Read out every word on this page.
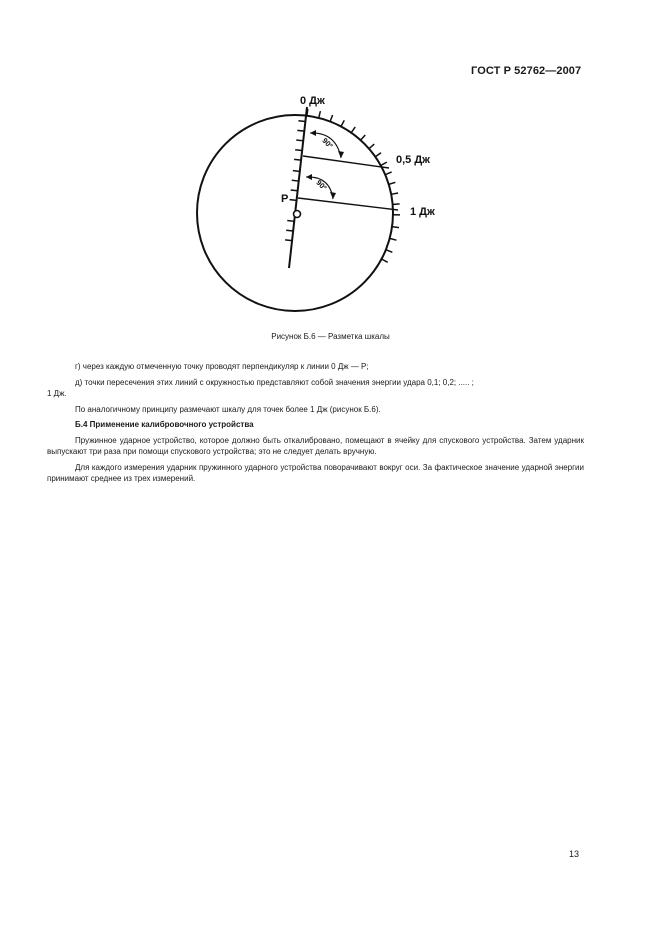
ГОСТ Р 52762—2007
0 Дж
0,5 Дж
1 Дж
P
90°
90°
Рисунок Б.6 — Разметка шкалы

г) через каждую отмеченную точку проводят перпендикуляр к линии 0 Дж — P;

д) точки пересечения этих линий с окружностью представляют собой значения энергии удара 0,1; 0,2; ..... ;

1 Дж.

По аналогичному принципу размечают шкалу для точек более 1 Дж (рисунок Б.6).

Б.4 Применение калибровочного устройства

Пружинное ударное устройство, которое должно быть откалибровано, помещают в ячейку для спускового устройства. Затем ударник выпускают три раза при помощи спускового устройства; это не следует делать вручную.

Для каждого измерения ударник пружинного ударного устройства поворачивают вокруг оси. За фактическое значение ударной энергии принимают среднее из трех измерений.

13
